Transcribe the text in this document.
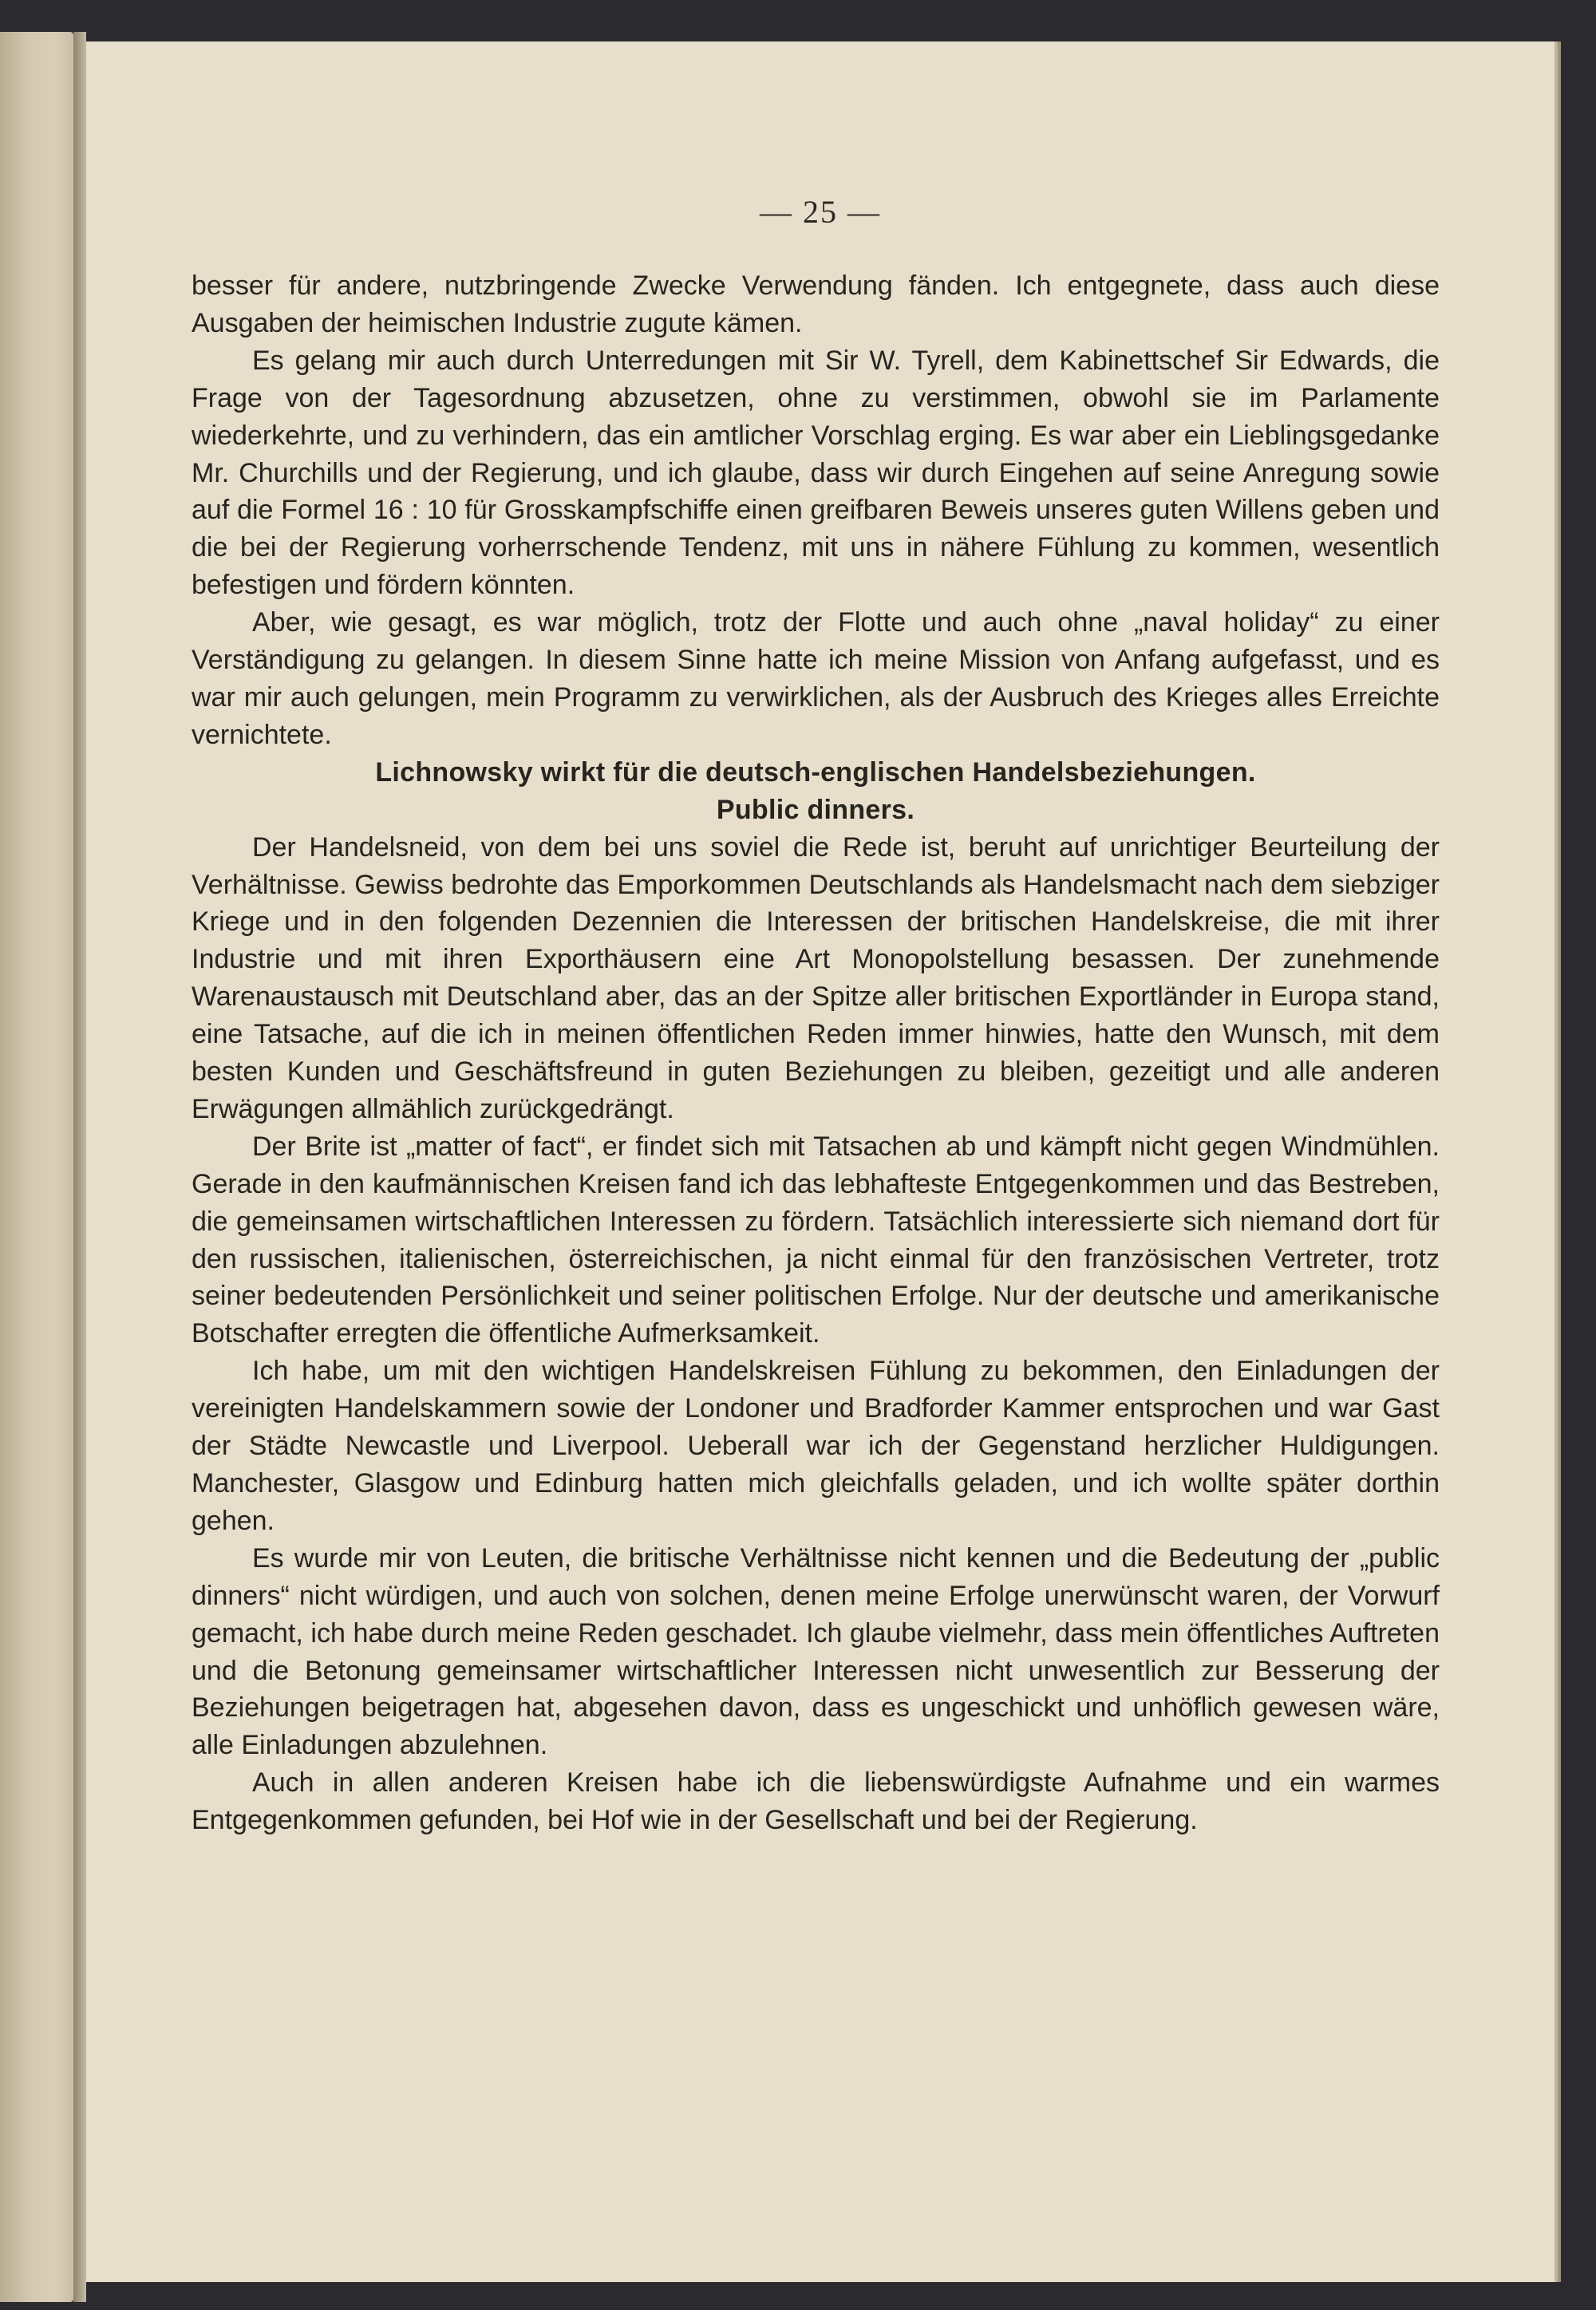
— 25 —

besser für andere, nutzbringende Zwecke Verwendung fänden. Ich entgegnete, dass auch diese Ausgaben der heimischen Industrie zugute kämen.

Es gelang mir auch durch Unterredungen mit Sir W. Tyrell, dem Kabinettschef Sir Edwards, die Frage von der Tagesordnung abzusetzen, ohne zu verstimmen, obwohl sie im Parlamente wiederkehrte, und zu verhindern, das ein amtlicher Vorschlag erging. Es war aber ein Lieblingsgedanke Mr. Churchills und der Regierung, und ich glaube, dass wir durch Eingehen auf seine Anregung sowie auf die Formel 16 : 10 für Grosskampfschiffe einen greifbaren Beweis unseres guten Willens geben und die bei der Regierung vorherrschende Tendenz, mit uns in nähere Fühlung zu kommen, wesentlich befestigen und fördern könnten.

Aber, wie gesagt, es war möglich, trotz der Flotte und auch ohne „naval holiday“ zu einer Verständigung zu gelangen. In diesem Sinne hatte ich meine Mission von Anfang aufgefasst, und es war mir auch gelungen, mein Programm zu verwirklichen, als der Ausbruch des Krieges alles Erreichte vernichtete.

Lichnowsky wirkt für die deutsch-englischen Handelsbeziehungen.

Public dinners.

Der Handelsneid, von dem bei uns soviel die Rede ist, beruht auf unrichtiger Beurteilung der Verhältnisse. Gewiss bedrohte das Emporkommen Deutschlands als Handelsmacht nach dem siebziger Kriege und in den folgenden Dezennien die Interessen der britischen Handelskreise, die mit ihrer Industrie und mit ihren Exporthäusern eine Art Monopolstellung besassen. Der zunehmende Warenaustausch mit Deutschland aber, das an der Spitze aller britischen Exportländer in Europa stand, eine Tatsache, auf die ich in meinen öffentlichen Reden immer hinwies, hatte den Wunsch, mit dem besten Kunden und Geschäftsfreund in guten Beziehungen zu bleiben, gezeitigt und alle anderen Erwägungen allmählich zurückgedrängt.

Der Brite ist „matter of fact“, er findet sich mit Tatsachen ab und kämpft nicht gegen Windmühlen. Gerade in den kaufmännischen Kreisen fand ich das lebhafteste Entgegenkommen und das Bestreben, die gemeinsamen wirtschaftlichen Interessen zu fördern. Tatsächlich interessierte sich niemand dort für den russischen, italienischen, österreichischen, ja nicht einmal für den französischen Vertreter, trotz seiner bedeutenden Persönlichkeit und seiner politischen Erfolge. Nur der deutsche und amerikanische Botschafter erregten die öffentliche Aufmerksamkeit.

Ich habe, um mit den wichtigen Handelskreisen Fühlung zu bekommen, den Einladungen der vereinigten Handelskammern sowie der Londoner und Bradforder Kammer entsprochen und war Gast der Städte Newcastle und Liverpool. Ueberall war ich der Gegenstand herzlicher Huldigungen. Manchester, Glasgow und Edinburg hatten mich gleichfalls geladen, und ich wollte später dorthin gehen.

Es wurde mir von Leuten, die britische Verhältnisse nicht kennen und die Bedeutung der „public dinners“ nicht würdigen, und auch von solchen, denen meine Erfolge unerwünscht waren, der Vorwurf gemacht, ich habe durch meine Reden geschadet. Ich glaube vielmehr, dass mein öffentliches Auftreten und die Betonung gemeinsamer wirtschaftlicher Interessen nicht unwesentlich zur Besserung der Beziehungen beigetragen hat, abgesehen davon, dass es ungeschickt und unhöflich gewesen wäre, alle Einladungen abzulehnen.

Auch in allen anderen Kreisen habe ich die liebenswürdigste Aufnahme und ein warmes Entgegenkommen gefunden, bei Hof wie in der Gesellschaft und bei der Regierung.
